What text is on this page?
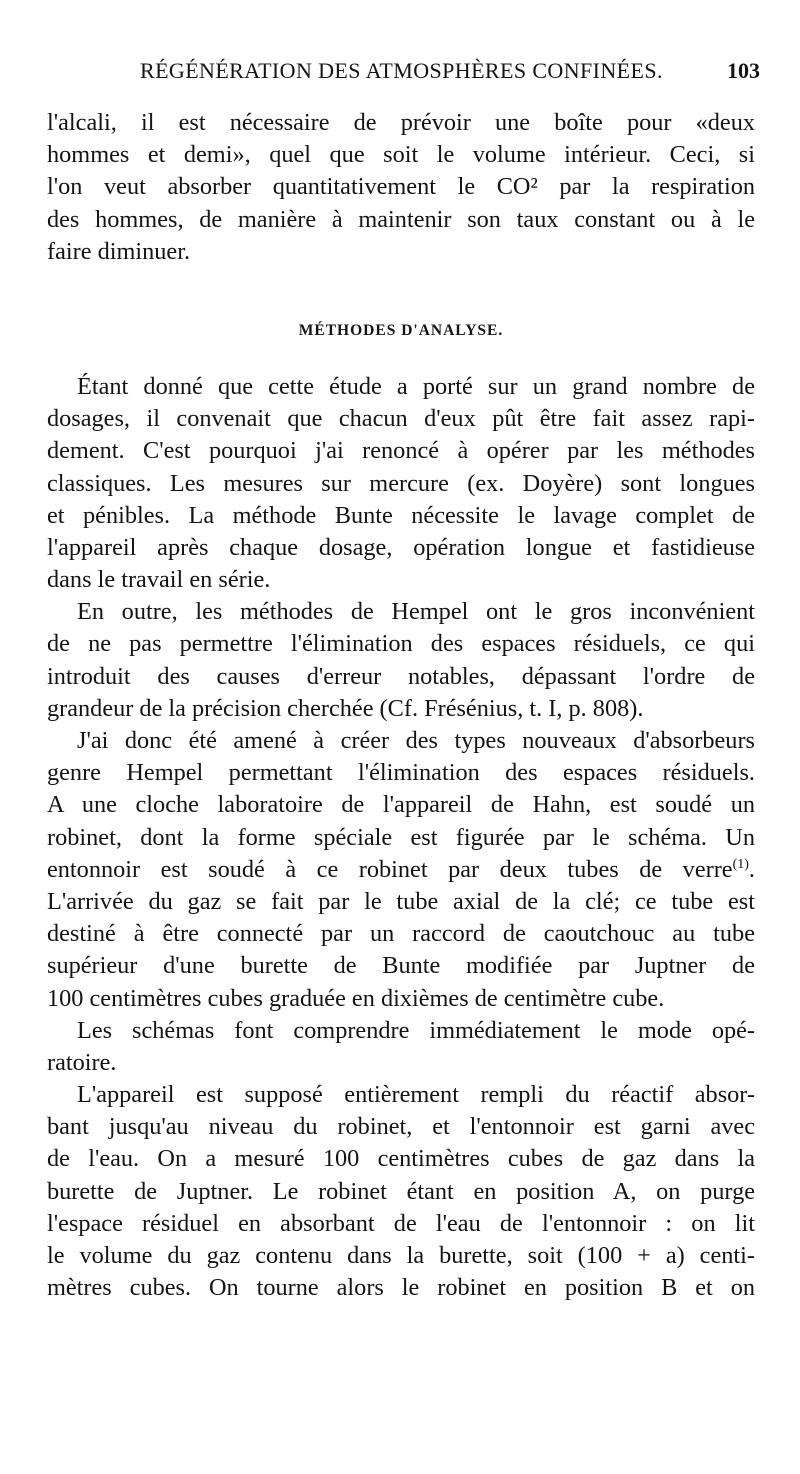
RÉGÉNÉRATION DES ATMOSPHÈRES CONFINÉES.	103
l'alcali, il est nécessaire de prévoir une boîte pour «deux
hommes et demi», quel que soit le volume intérieur. Ceci, si
l'on veut absorber quantitativement le CO² par la respiration
des hommes, de manière à maintenir son taux constant ou à le
faire diminuer.
MÉTHODES D'ANALYSE.
Étant donné que cette étude a porté sur un grand nombre de
dosages, il convenait que chacun d'eux pût être fait assez rapi-
dement. C'est pourquoi j'ai renoncé à opérer par les méthodes
classiques. Les mesures sur mercure (ex. Doyère) sont longues
et pénibles. La méthode Bunte nécessite le lavage complet de
l'appareil après chaque dosage, opération longue et fastidieuse
dans le travail en série.
En outre, les méthodes de Hempel ont le gros inconvénient
de ne pas permettre l'élimination des espaces résiduels, ce qui
introduit des causes d'erreur notables, dépassant l'ordre de
grandeur de la précision cherchée (Cf. Frésénius, t. I, p. 808).
J'ai donc été amené à créer des types nouveaux d'absorbeurs
genre Hempel permettant l'élimination des espaces résiduels.
A une cloche laboratoire de l'appareil de Hahn, est soudé un
robinet, dont la forme spéciale est figurée par le schéma. Un
entonnoir est soudé à ce robinet par deux tubes de verre$^{(1)}$.
L'arrivée du gaz se fait par le tube axial de la clé; ce tube est
destiné à être connecté par un raccord de caoutchouc au tube
supérieur d'une burette de Bunte modifiée par Juptner de
100 centimètres cubes graduée en dixièmes de centimètre cube.
Les schémas font comprendre immédiatement le mode opé-
ratoire.
L'appareil est supposé entièrement rempli du réactif absor-
bant jusqu'au niveau du robinet, et l'entonnoir est garni avec
de l'eau. On a mesuré 100 centimètres cubes de gaz dans la
burette de Juptner. Le robinet étant en position A, on purge
l'espace résiduel en absorbant de l'eau de l'entonnoir : on lit
le volume du gaz contenu dans la burette, soit (100 + a) centi-
mètres cubes. On tourne alors le robinet en position B et on
